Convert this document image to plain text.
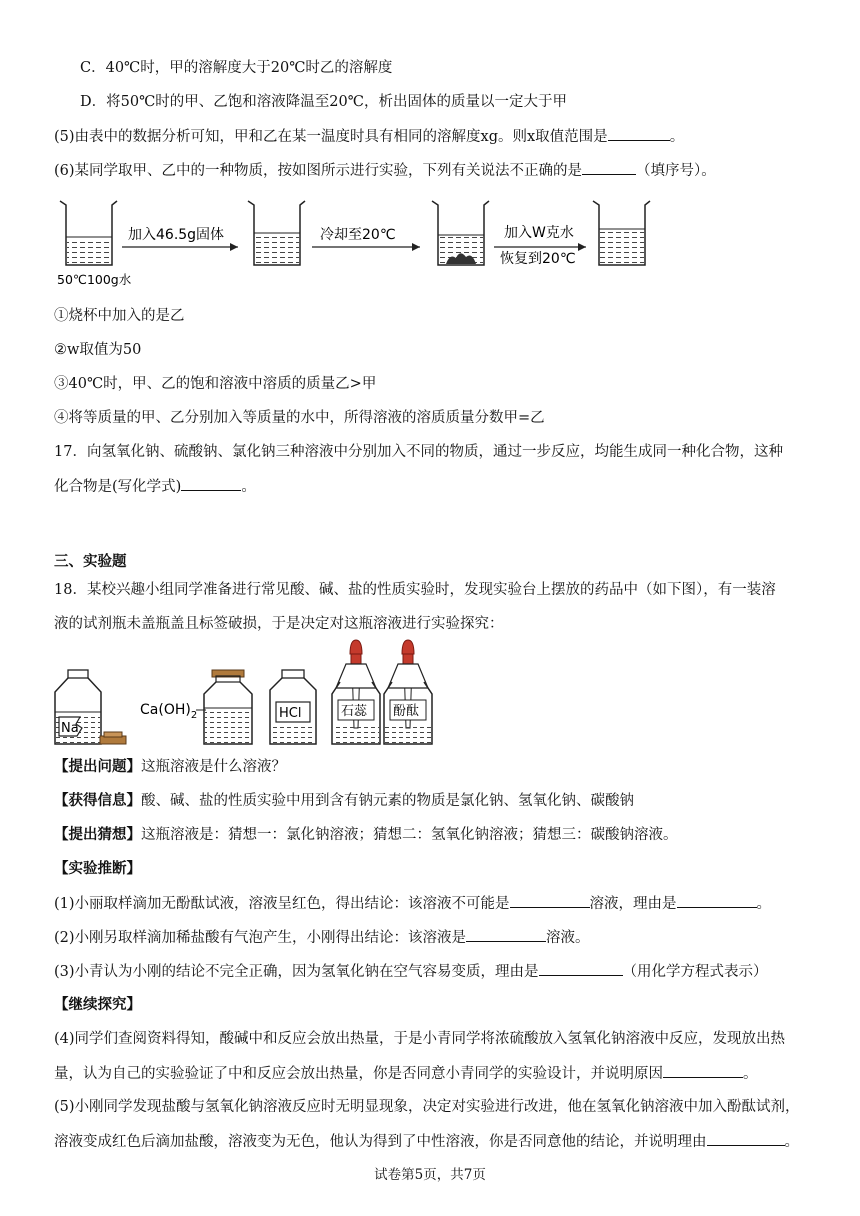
C．40℃时，甲的溶解度大于20℃时乙的溶解度
D．将50℃时的甲、乙饱和溶液降温至20℃，析出固体的质量以一定大于甲
(5)由表中的数据分析可知，甲和乙在某一温度时具有相同的溶解度xg。则x取值范围是	。
(6)某同学取甲、乙中的一种物质，按如图所示进行实验，下列有关说法不正确的是	（填序号）。
50℃100g水
加入46.5g固体	冷却至20℃	加入W克水
恢复到20℃
①烧杯中加入的是乙
②w取值为50
③40℃时，甲、乙的饱和溶液中溶质的质量乙>甲
④将等质量的甲、乙分别加入等质量的水中，所得溶液的溶质质量分数甲=乙
17．向氢氧化钠、硫酸钠、氯化钠三种溶液中分别加入不同的物质，通过一步反应，均能生成同一种化合物，这种
化合物是(写化学式)	。
三、实验题
18．某校兴趣小组同学准备进行常见酸、碱、盐的性质实验时，发现实验台上摆放的药品中（如下图），有一装溶
液的试剂瓶未盖瓶盖且标签破损，于是决定对这瓶溶液进行实验探究：
Na
$Ca(OH)_2$	HCl	石蕊 酚酞
【提出问题】这瓶溶液是什么溶液？
【获得信息】酸、碱、盐的性质实验中用到含有钠元素的物质是氯化钠、氢氧化钠、碳酸钠
【提出猜想】这瓶溶液是：猜想一：氯化钠溶液；猜想二：氢氧化钠溶液；猜想三：碳酸钠溶液。
【实验推断】
(1)小丽取样滴加无酚酞试液，溶液呈红色，得出结论：该溶液不可能是	溶液，理由是	。
(2)小刚另取样滴加稀盐酸有气泡产生，小刚得出结论：该溶液是	溶液。
(3)小青认为小刚的结论不完全正确，因为氢氧化钠在空气容易变质，理由是	（用化学方程式表示）
【继续探究】
(4)同学们查阅资料得知，酸碱中和反应会放出热量，于是小青同学将浓硫酸放入氢氧化钠溶液中反应，发现放出热
量，认为自己的实验验证了中和反应会放出热量，你是否同意小青同学的实验设计，并说明原因	。
(5)小刚同学发现盐酸与氢氧化钠溶液反应时无明显现象，决定对实验进行改进，他在氢氧化钠溶液中加入酚酞试剂，
溶液变成红色后滴加盐酸，溶液变为无色，他认为得到了中性溶液，你是否同意他的结论，并说明理由	。
试卷第5页，共7页
